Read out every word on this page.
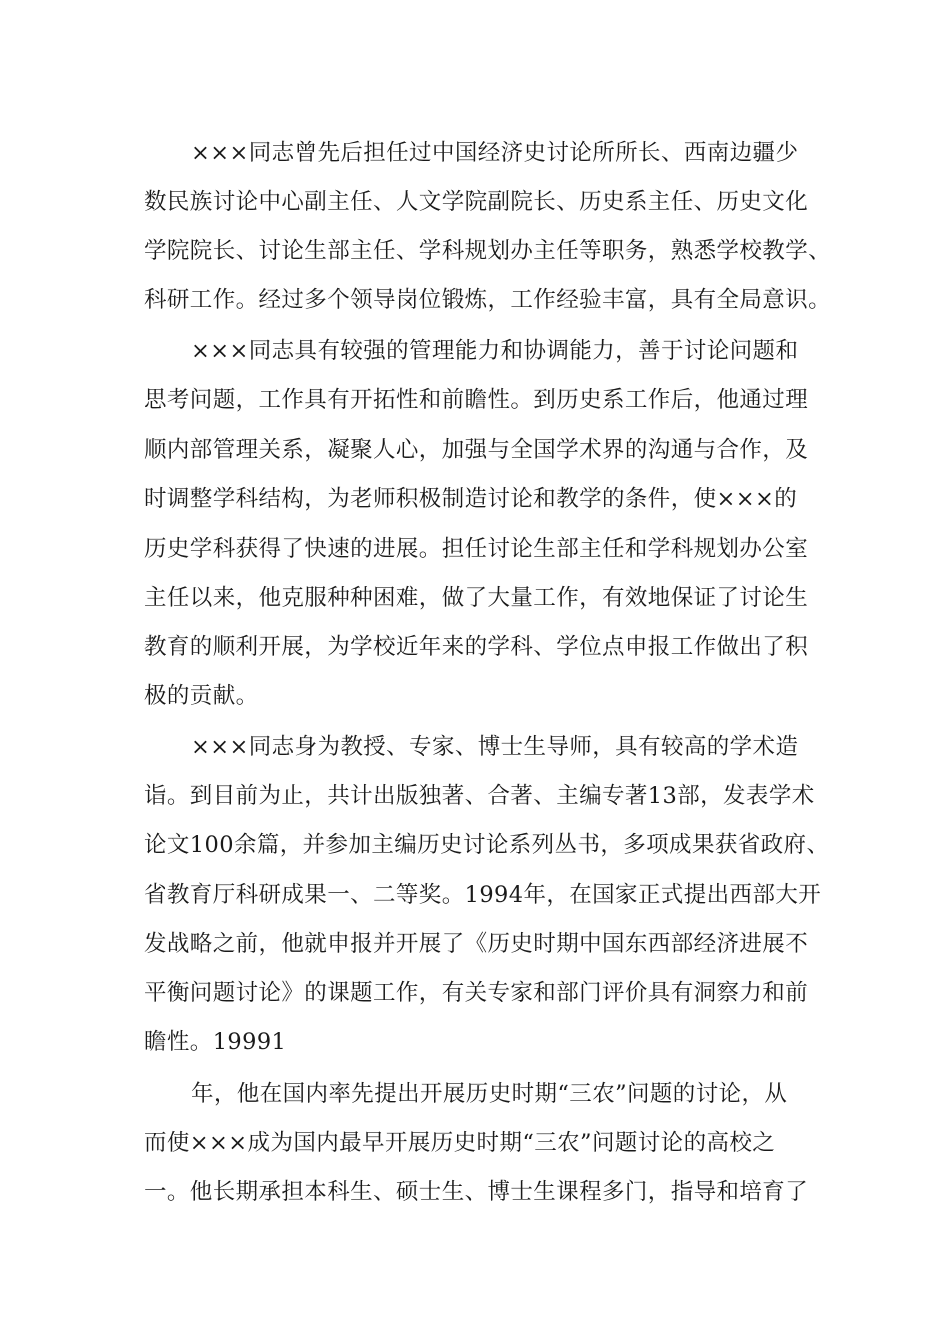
×××同志曾先后担任过中国经济史讨论所所长、西南边疆少

数民族讨论中心副主任、人文学院副院长、历史系主任、历史文化

学院院长、讨论生部主任、学科规划办主任等职务，熟悉学校教学、

科研工作。经过多个领导岗位锻炼，工作经验丰富，具有全局意识。

×××同志具有较强的管理能力和协调能力，善于讨论问题和

思考问题，工作具有开拓性和前瞻性。到历史系工作后，他通过理

顺内部管理关系，凝聚人心，加强与全国学术界的沟通与合作，及

时调整学科结构，为老师积极制造讨论和教学的条件，使×××的

历史学科获得了快速的进展。担任讨论生部主任和学科规划办公室

主任以来，他克服种种困难，做了大量工作，有效地保证了讨论生

教育的顺利开展，为学校近年来的学科、学位点申报工作做出了积

极的贡献。

×××同志身为教授、专家、博士生导师，具有较高的学术造

诣。到目前为止，共计出版独著、合著、主编专著13部，发表学术

论文100余篇，并参加主编历史讨论系列丛书，多项成果获省政府、

省教育厅科研成果一、二等奖。1994年，在国家正式提出西部大开

发战略之前，他就申报并开展了《历史时期中国东西部经济进展不

平衡问题讨论》的课题工作，有关专家和部门评价具有洞察力和前

瞻性。19991

年，他在国内率先提出开展历史时期“三农”问题的讨论，从

而使×××成为国内最早开展历史时期“三农”问题讨论的高校之

一。他长期承担本科生、硕士生、博士生课程多门，指导和培育了
